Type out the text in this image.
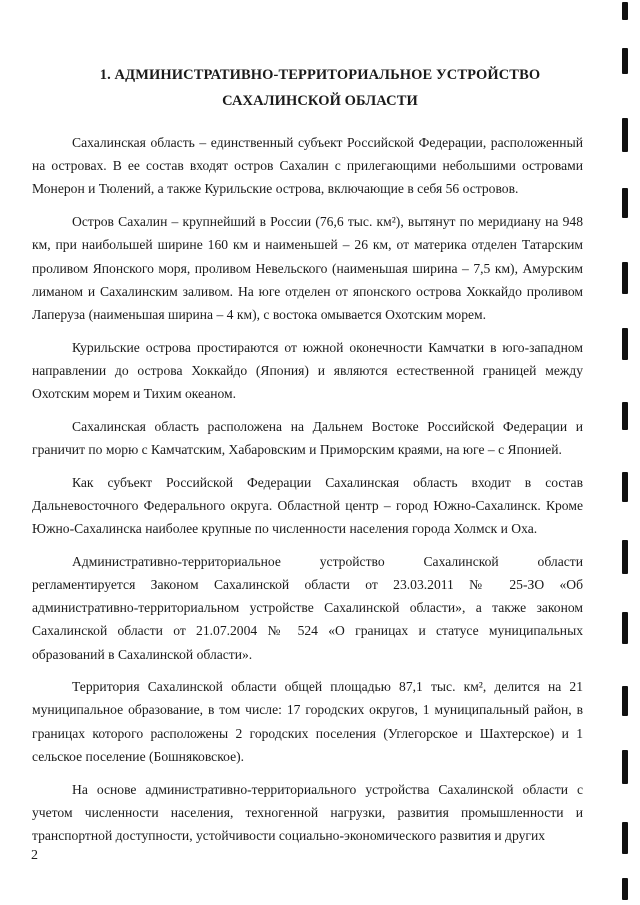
1. АДМИНИСТРАТИВНО-ТЕРРИТОРИАЛЬНОЕ УСТРОЙСТВО
САХАЛИНСКОЙ ОБЛАСТИ

Сахалинская область – единственный субъект Российской Федерации, расположенный на островах. В ее состав входят остров Сахалин с прилегающими небольшими островами Монерон и Тюлений, а также Курильские острова, включающие в себя 56 островов.

Остров Сахалин – крупнейший в России (76,6 тыс. км²), вытянут по меридиану на 948 км, при наибольшей ширине 160 км и наименьшей – 26 км, от материка отделен Татарским проливом Японского моря, проливом Невельского (наименьшая ширина – 7,5 км), Амурским лиманом и Сахалинским заливом. На юге отделен от японского острова Хоккайдо проливом Лаперуза (наименьшая ширина – 4 км), с востока омывается Охотским морем.

Курильские острова простираются от южной оконечности Камчатки в юго-западном направлении до острова Хоккайдо (Япония) и являются естественной границей между Охотским морем и Тихим океаном.

Сахалинская область расположена на Дальнем Востоке Российской Федерации и граничит по морю с Камчатским, Хабаровским и Приморским краями, на юге – с Японией.

Как субъект Российской Федерации Сахалинская область входит в состав Дальневосточного Федерального округа. Областной центр – город Южно-Сахалинск. Кроме Южно-Сахалинска наиболее крупные по численности населения города Холмск и Оха.

Административно-территориальное устройство Сахалинской области регламентируется Законом Сахалинской области от 23.03.2011 № 25-ЗО «Об административно-территориальном устройстве Сахалинской области», а также законом Сахалинской области от 21.07.2004 № 524 «О границах и статусе муниципальных образований в Сахалинской области».

Территория Сахалинской области общей площадью 87,1 тыс. км², делится на 21 муниципальное образование, в том числе: 17 городских округов, 1 муниципальный район, в границах которого расположены 2 городских поселения (Углегорское и Шахтерское) и 1 сельское поселение (Бошняковское).

На основе административно-территориального устройства Сахалинской области с учетом численности населения, техногенной нагрузки, развития промышленности и транспортной доступности, устойчивости социально-экономического развития и других

2
